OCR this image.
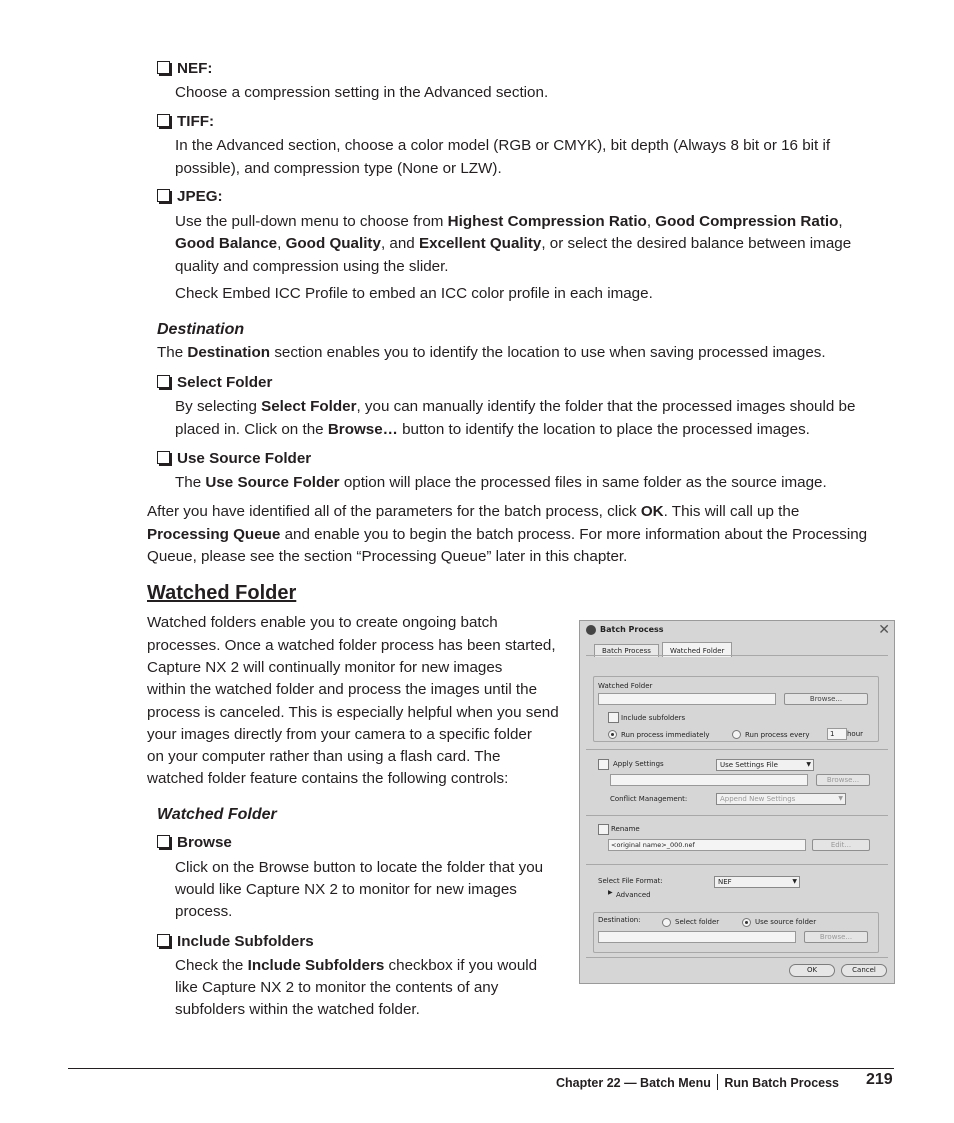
NEF:
Choose a compression setting in the Advanced section.
TIFF:
In the Advanced section, choose a color model (RGB or CMYK), bit depth (Always 8 bit or 16 bit if
possible), and compression type (None or LZW).
JPEG:
Use the pull-down menu to choose from Highest Compression Ratio, Good Compression Ratio,
Good Balance, Good Quality, and Excellent Quality, or select the desired balance between image
quality and compression using the slider.
Check Embed ICC Profile to embed an ICC color profile in each image.
Destination
The Destination section enables you to identify the location to use when saving processed images.
Select Folder
By selecting Select Folder, you can manually identify the folder that the processed images should be
placed in. Click on the Browse… button to identify the location to place the processed images.
Use Source Folder
The Use Source Folder option will place the processed files in same folder as the source image.
After you have identified all of the parameters for the batch process, click OK. This will call up the
Processing Queue and enable you to begin the batch process. For more information about the Processing
Queue, please see the section “Processing Queue” later in this chapter.
Watched Folder
Watched folders enable you to create ongoing batch
processes. Once a watched folder process has been started,
Capture NX 2 will continually monitor for new images
within the watched folder and process the images until the
process is canceled. This is especially helpful when you send
your images directly from your camera to a specific folder
on your computer rather than using a flash card. The
watched folder feature contains the following controls:
Watched Folder
Browse
Click on the Browse button to locate the folder that you
would like Capture NX 2 to monitor for new images
process.
Include Subfolders
Check the Include Subfolders checkbox if you would
like Capture NX 2 to monitor the contents of any
subfolders within the watched folder.
Batch Process	✕
Batch Process	Watched Folder
Watched Folder
Browse...
Include subfolders
Run process immediately	Run process every	1	hour
Apply Settings	Use Settings File ▼
Browse...
Conflict Management:	Append New Settings ▼
Rename
<original name>_000.nef	Edit...
Select File Format:	NEF ▼
▶ Advanced
Destination:	Select folder	Use source folder
Browse...
OK	Cancel
Chapter 22 — Batch Menu Run Batch Process 219
